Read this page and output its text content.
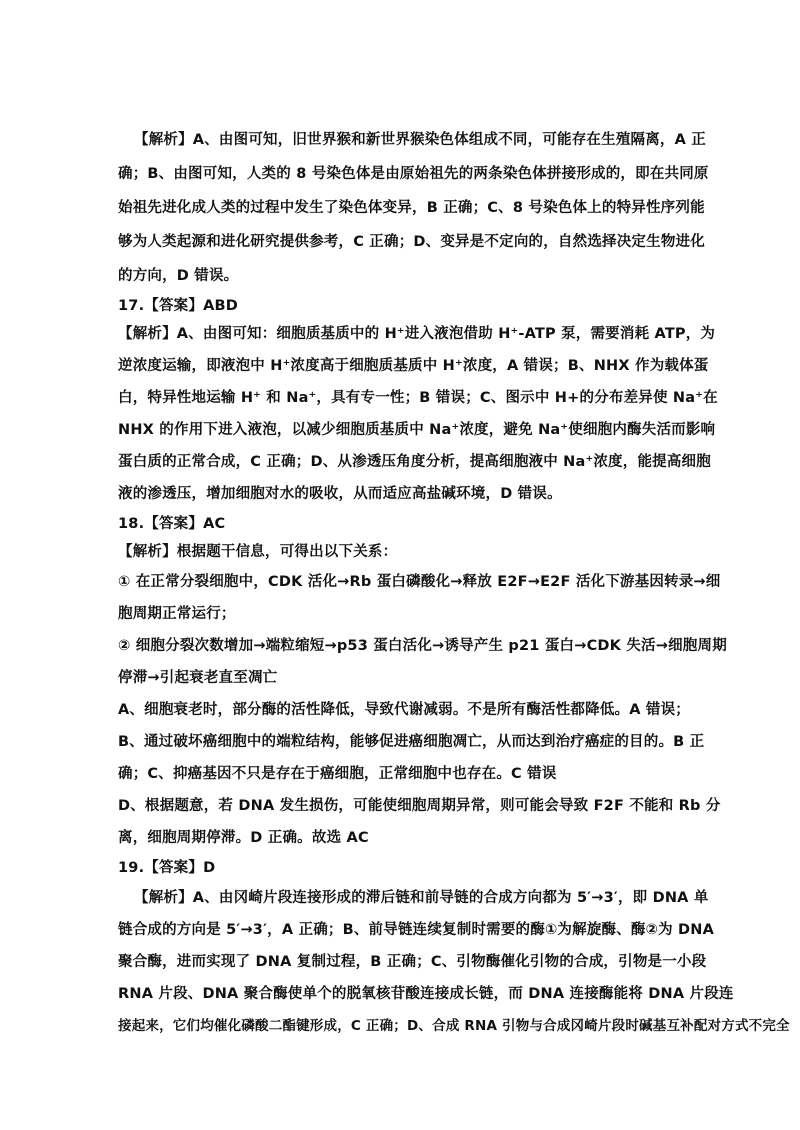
【解析】A、由图可知，旧世界猴和新世界猴染色体组成不同，可能存在生殖隔离，A 正
确；B、由图可知，人类的 8 号染色体是由原始祖先的两条染色体拼接形成的，即在共同原
始祖先进化成人类的过程中发生了染色体变异，B 正确；C、8 号染色体上的特异性序列能
够为人类起源和进化研究提供参考，C 正确；D、变异是不定向的，自然选择决定生物进化
的方向，D 错误。
17.【答案】ABD
【解析】A、由图可知：细胞质基质中的 H⁺进入液泡借助 H⁺-ATP 泵，需要消耗 ATP，为
逆浓度运输，即液泡中 H⁺浓度高于细胞质基质中 H⁺浓度，A 错误；B、NHX 作为载体蛋
白，特异性地运输 H⁺ 和 Na⁺，具有专一性；B 错误；C、图示中 H+的分布差异使 Na⁺在
NHX 的作用下进入液泡，以减少细胞质基质中 Na⁺浓度，避免 Na⁺使细胞内酶失活而影响
蛋白质的正常合成，C 正确；D、从渗透压角度分析，提高细胞液中 Na⁺浓度，能提高细胞
液的渗透压，增加细胞对水的吸收，从而适应高盐碱环境，D 错误。
18.【答案】AC
【解析】根据题干信息，可得出以下关系：
① 在正常分裂细胞中，CDK 活化→Rb 蛋白磷酸化→释放 E2F→E2F 活化下游基因转录→细
胞周期正常运行；
② 细胞分裂次数增加→端粒缩短→p53 蛋白活化→诱导产生 p21 蛋白→CDK 失活→细胞周期
停滞→引起衰老直至凋亡
A、细胞衰老时，部分酶的活性降低，导致代谢减弱。不是所有酶活性都降低。A 错误；
B、通过破坏癌细胞中的端粒结构，能够促进癌细胞凋亡，从而达到治疗癌症的目的。B 正
确；C、抑癌基因不只是存在于癌细胞，正常细胞中也存在。C 错误
D、根据题意，若 DNA 发生损伤，可能使细胞周期异常，则可能会导致 F2F 不能和 Rb 分
离，细胞周期停滞。D 正确。故选 AC
19.【答案】D
【解析】A、由冈崎片段连接形成的滞后链和前导链的合成方向都为 5′→3′，即 DNA 单
链合成的方向是 5′→3′，A 正确；B、前导链连续复制时需要的酶①为解旋酶、酶②为 DNA
聚合酶，进而实现了 DNA 复制过程，B 正确；C、引物酶催化引物的合成，引物是一小段
RNA 片段、DNA 聚合酶使单个的脱氧核苷酸连接成长链，而 DNA 连接酶能将 DNA 片段连
接起来，它们均催化磷酸二酯键形成，C 正确；D、合成 RNA 引物与合成冈崎片段时碱基互补配对方式不完全
